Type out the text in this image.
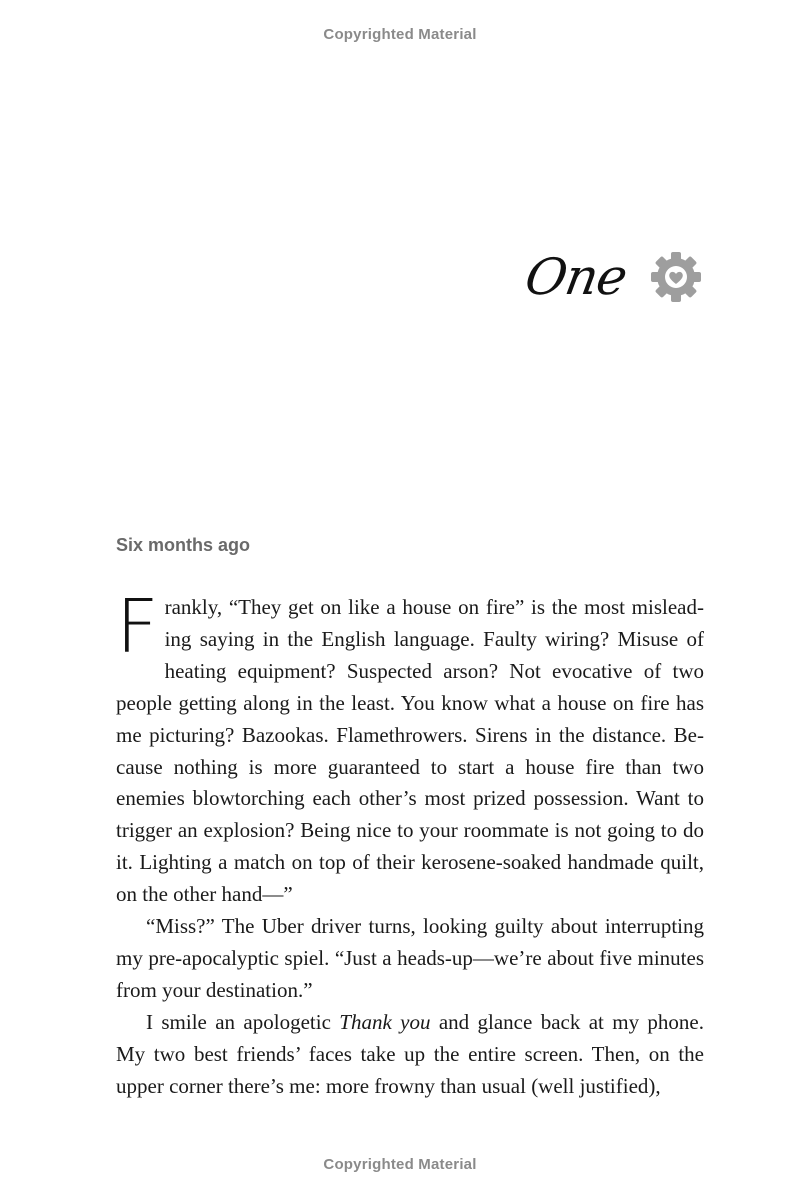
Copyrighted Material
One
Six months ago

Frankly, “They get on like a house on fire” is the most misleading saying in the English language. Faulty wiring? Misuse of heating equipment? Suspected arson? Not evocative of two people getting along in the least. You know what a house on fire has me picturing? Bazookas. Flamethrowers. Sirens in the distance. Because nothing is more guaranteed to start a house fire than two enemies blowtorching each other’s most prized possession. Want to trigger an explosion? Being nice to your roommate is not going to do it. Lighting a match on top of their kerosene-soaked handmade quilt, on the other hand—”

“Miss?” The Uber driver turns, looking guilty about interrupting my pre-apocalyptic spiel. “Just a heads-up—we’re about five minutes from your destination.”

I smile an apologetic Thank you and glance back at my phone. My two best friends’ faces take up the entire screen. Then, on the upper corner there’s me: more frowny than usual (well justified),

Copyrighted Material
